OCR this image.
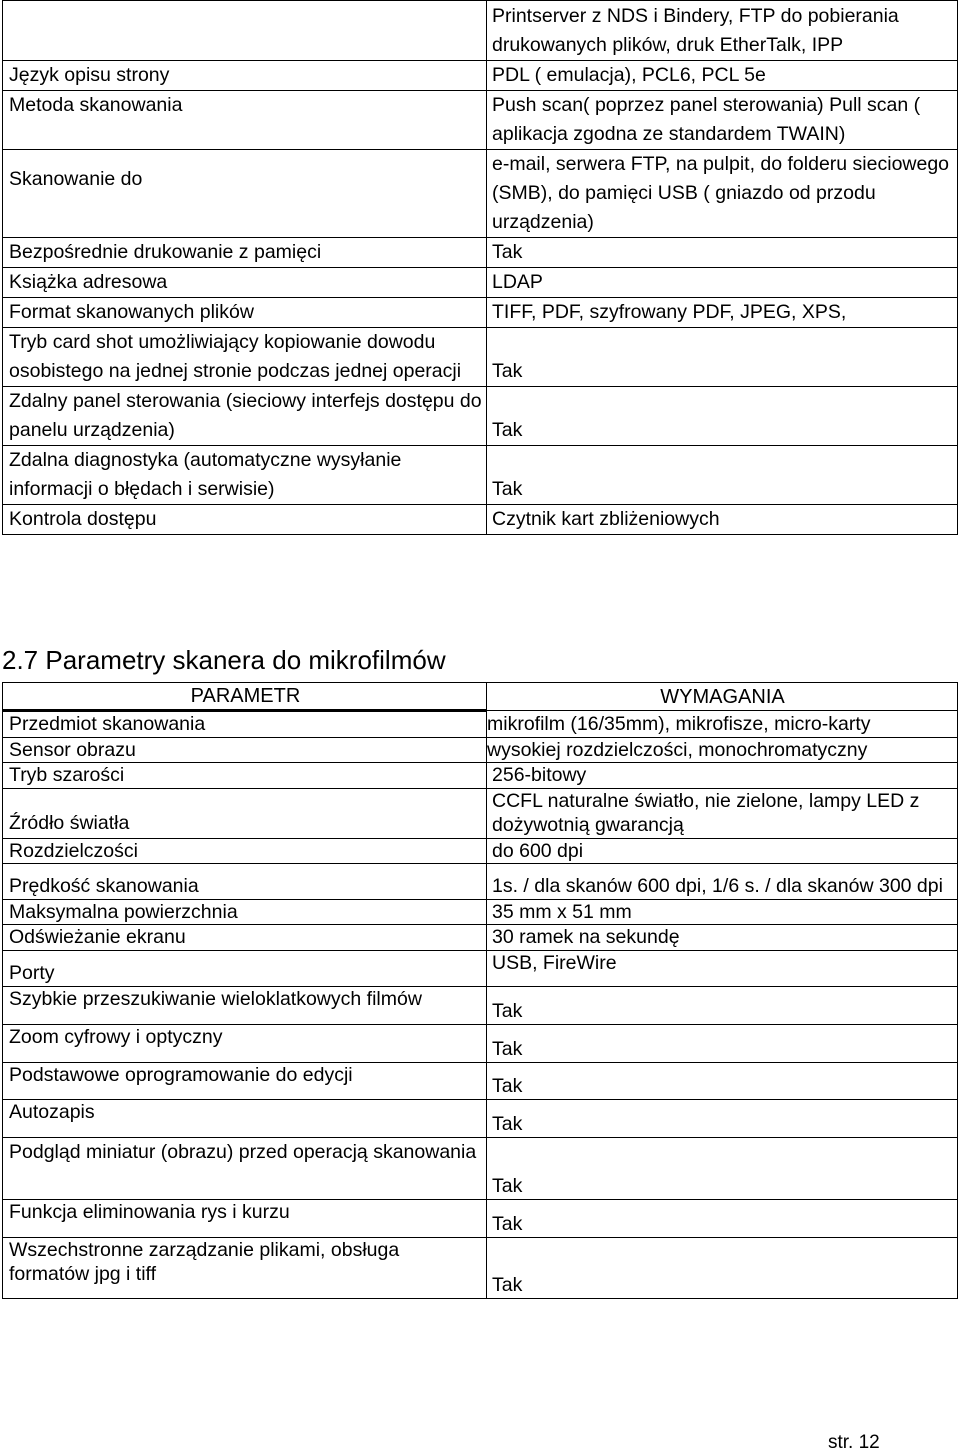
	Printserver z NDS i Bindery, FTP do pobierania drukowanych plików, druk EtherTalk, IPP
Język opisu strony	PDL ( emulacja), PCL6, PCL 5e
Metoda skanowania	Push scan( poprzez panel sterowania) Pull scan ( aplikacja zgodna ze standardem TWAIN)
Skanowanie do	e-mail, serwera FTP, na pulpit, do folderu sieciowego (SMB), do pamięci USB ( gniazdo od przodu urządzenia)
Bezpośrednie drukowanie z pamięci	Tak
Książka adresowa	LDAP
Format skanowanych plików	TIFF, PDF, szyfrowany PDF, JPEG, XPS,
Tryb card shot umożliwiający kopiowanie dowodu osobistego na jednej stronie podczas jednej operacji	Tak
Zdalny panel sterowania (sieciowy interfejs dostępu do panelu urządzenia)	Tak
Zdalna diagnostyka (automatyczne wysyłanie informacji o błędach i serwisie)	Tak
Kontrola dostępu	Czytnik kart zbliżeniowych
2.7 Parametry skanera do mikrofilmów
PARAMETR	WYMAGANIA
Przedmiot skanowania	mikrofilm (16/35mm), mikrofisze, micro-karty
Sensor obrazu	wysokiej rozdzielczości, monochromatyczny
Tryb szarości	256-bitowy
Źródło światła	CCFL naturalne światło, nie zielone, lampy LED z dożywotnią gwarancją
Rozdzielczości	do 600 dpi
Prędkość skanowania	1s. / dla skanów 600 dpi, 1/6 s. / dla skanów 300 dpi
Maksymalna powierzchnia	35 mm x 51 mm
Odświeżanie ekranu	30 ramek na sekundę
Porty	USB, FireWire
Szybkie przeszukiwanie wieloklatkowych filmów	Tak
Zoom cyfrowy i optyczny	Tak
Podstawowe oprogramowanie do edycji	Tak
Autozapis	Tak
Podgląd miniatur (obrazu) przed operacją skanowania	Tak
Funkcja eliminowania rys i kurzu	Tak
Wszechstronne zarządzanie plikami, obsługa formatów jpg i tiff	Tak
str. 12
